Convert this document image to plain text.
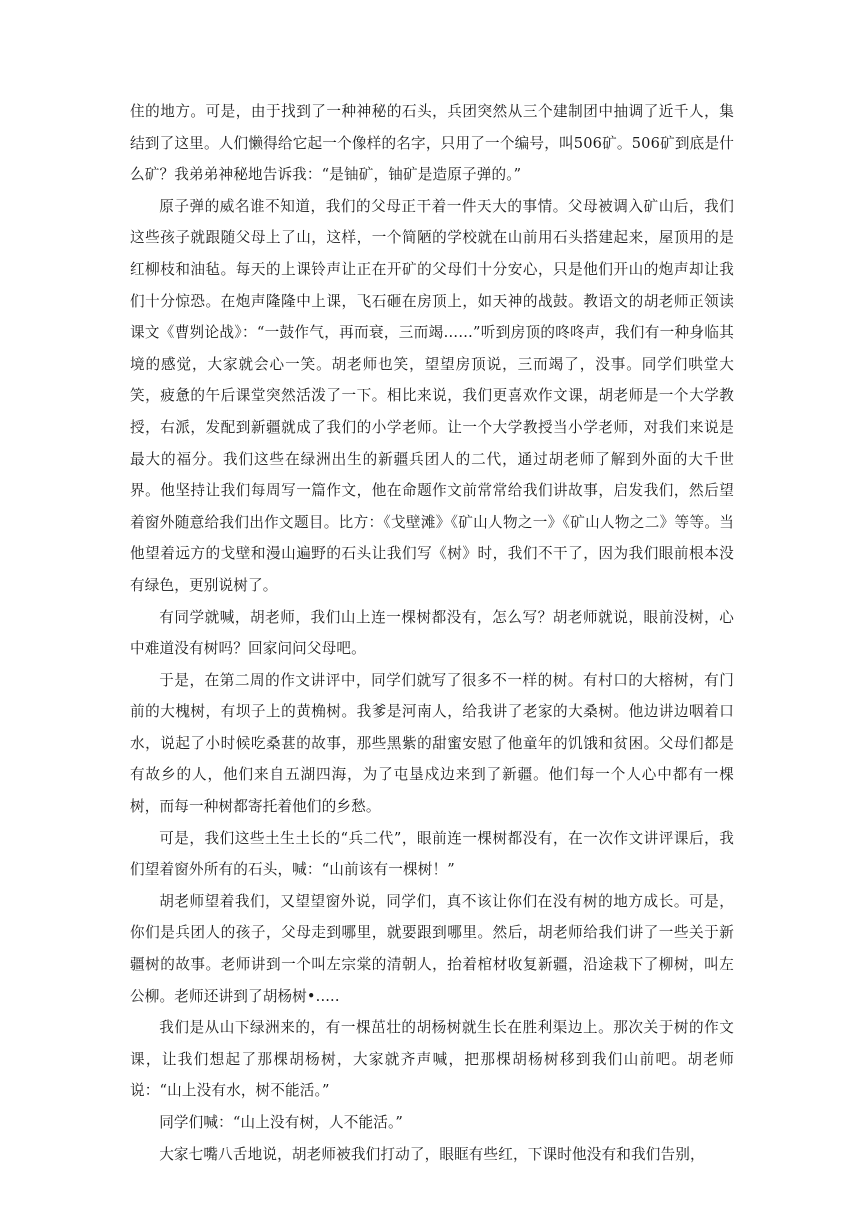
住的地方。可是，由于找到了一种神秘的石头，兵团突然从三个建制团中抽调了近千人，集结到了这里。人们懒得给它起一个像样的名字，只用了一个编号，叫506矿。506矿到底是什么矿？我弟弟神秘地告诉我：“是铀矿，铀矿是造原子弹的。”

原子弹的威名谁不知道，我们的父母正干着一件天大的事情。父母被调入矿山后，我们这些孩子就跟随父母上了山，这样，一个简陋的学校就在山前用石头搭建起来，屋顶用的是红柳枝和油毡。每天的上课铃声让正在开矿的父母们十分安心，只是他们开山的炮声却让我们十分惊恐。在炮声隆隆中上课，飞石砸在房顶上，如天神的战鼓。教语文的胡老师正领读课文《曹刿论战》：“一鼓作气，再而衰，三而竭……”听到房顶的咚咚声，我们有一种身临其境的感觉，大家就会心一笑。胡老师也笑，望望房顶说，三而竭了，没事。同学们哄堂大笑，疲惫的午后课堂突然活泼了一下。相比来说，我们更喜欢作文课，胡老师是一个大学教授，右派，发配到新疆就成了我们的小学老师。让一个大学教授当小学老师，对我们来说是最大的福分。我们这些在绿洲出生的新疆兵团人的二代，通过胡老师了解到外面的大千世界。他坚持让我们每周写一篇作文，他在命题作文前常常给我们讲故事，启发我们，然后望着窗外随意给我们出作文题目。比方：《戈壁滩》《矿山人物之一》《矿山人物之二》等等。当他望着远方的戈壁和漫山遍野的石头让我们写《树》时，我们不干了，因为我们眼前根本没有绿色，更别说树了。

有同学就喊，胡老师，我们山上连一棵树都没有，怎么写？胡老师就说，眼前没树，心中难道没有树吗？回家问问父母吧。

于是，在第二周的作文讲评中，同学们就写了很多不一样的树。有村口的大榕树，有门前的大槐树，有坝子上的黄桷树。我爹是河南人，给我讲了老家的大桑树。他边讲边咽着口水，说起了小时候吃桑葚的故事，那些黑紫的甜蜜安慰了他童年的饥饿和贫困。父母们都是有故乡的人，他们来自五湖四海，为了屯垦戍边来到了新疆。他们每一个人心中都有一棵树，而每一种树都寄托着他们的乡愁。

可是，我们这些土生土长的“兵二代”，眼前连一棵树都没有，在一次作文讲评课后，我们望着窗外所有的石头，喊：“山前该有一棵树！”

胡老师望着我们，又望望窗外说，同学们，真不该让你们在没有树的地方成长。可是，你们是兵团人的孩子，父母走到哪里，就要跟到哪里。然后，胡老师给我们讲了一些关于新疆树的故事。老师讲到一个叫左宗棠的清朝人，抬着棺材收复新疆，沿途栽下了柳树，叫左公柳。老师还讲到了胡杨树•.....

我们是从山下绿洲来的，有一棵茁壮的胡杨树就生长在胜利渠边上。那次关于树的作文课，让我们想起了那棵胡杨树，大家就齐声喊，把那棵胡杨树移到我们山前吧。胡老师说：“山上没有水，树不能活。”

同学们喊：“山上没有树，人不能活。”

大家七嘴八舌地说，胡老师被我们打动了，眼眶有些红，下课时他没有和我们告别，
